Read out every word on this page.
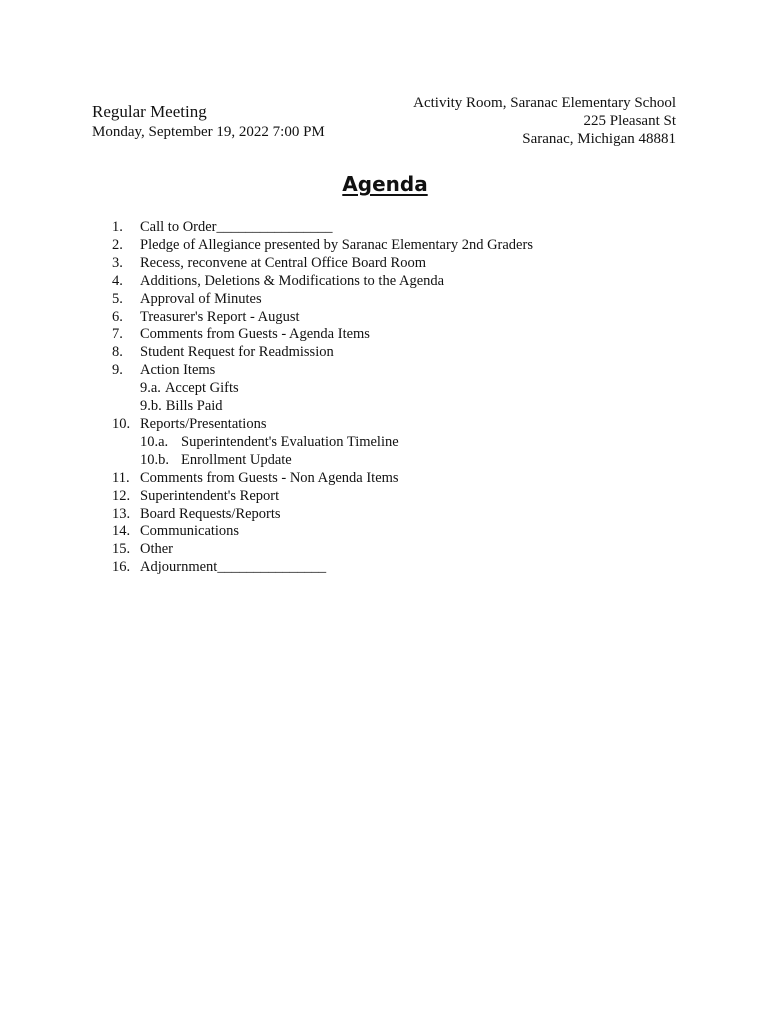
Regular Meeting
Monday, September 19, 2022 7:00 PM
Activity Room, Saranac Elementary School
225 Pleasant St
Saranac, Michigan 48881
Agenda
1.	Call to Order________________
2.	Pledge of Allegiance presented by Saranac Elementary 2nd Graders
3.	Recess, reconvene at Central Office Board Room
4.	Additions, Deletions & Modifications to the Agenda
5.	Approval of Minutes
6.	Treasurer's Report - August
7.	Comments from Guests - Agenda Items
8.	Student Request for Readmission
9.	Action Items
9.a. Accept Gifts
9.b. Bills Paid
10. Reports/Presentations
10.a. Superintendent's Evaluation Timeline
10.b. Enrollment Update
11. Comments from Guests - Non Agenda Items
12. Superintendent's Report
13. Board Requests/Reports
14. Communications
15. Other
16. Adjournment_______________
